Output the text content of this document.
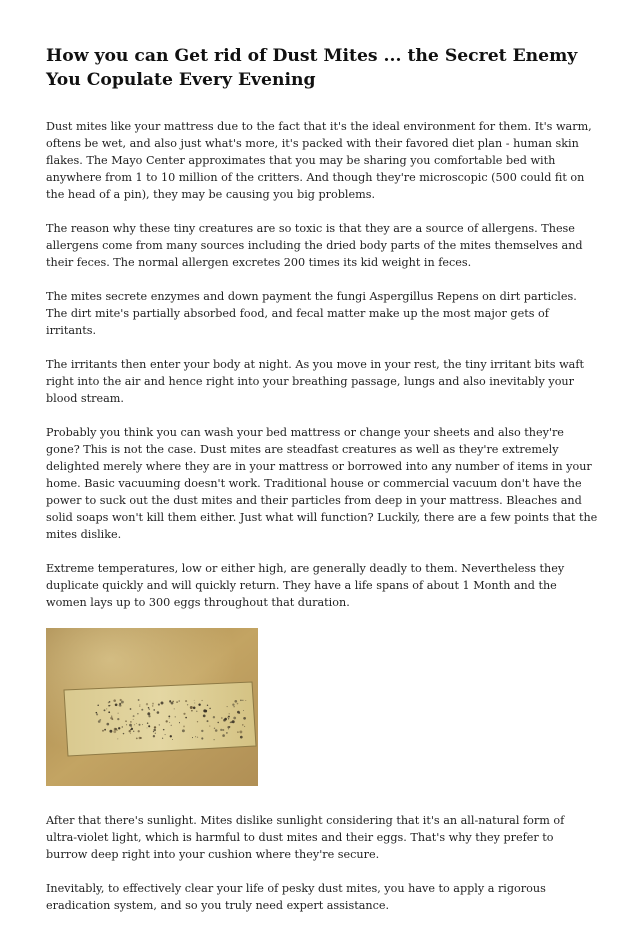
How you can Get rid of Dust Mites ... the Secret Enemy You Copulate Every Evening

Dust mites like your mattress due to the fact that it's the ideal environment for them. It's warm, oftens be wet, and also just what's more, it's packed with their favored diet plan - human skin flakes. The Mayo Center approximates that you may be sharing you comfortable bed with anywhere from 1 to 10 million of the critters. And though they're microscopic (500 could fit on the head of a pin), they may be causing you big problems.

The reason why these tiny creatures are so toxic is that they are a source of allergens. These allergens come from many sources including the dried body parts of the mites themselves and their feces. The normal allergen excretes 200 times its kid weight in feces.

The mites secrete enzymes and down payment the fungi Aspergillus Repens on dirt particles. The dirt mite's partially absorbed food, and fecal matter make up the most major gets of irritants.

The irritants then enter your body at night. As you move in your rest, the tiny irritant bits waft right into the air and hence right into your breathing passage, lungs and also inevitably your blood stream.

Probably you think you can wash your bed mattress or change your sheets and also they're gone? This is not the case. Dust mites are steadfast creatures as well as they're extremely delighted merely where they are in your mattress or borrowed into any number of items in your home. Basic vacuuming doesn't work. Traditional house or commercial vacuum don't have the power to suck out the dust mites and their particles from deep in your mattress. Bleaches and solid soaps won't kill them either. Just what will function? Luckily, there are a few points that the mites dislike.

Extreme temperatures, low or either high, are generally deadly to them. Nevertheless they duplicate quickly and will quickly return. They have a life spans of about 1 Month and the women lays up to 300 eggs throughout that duration.

After that there's sunlight. Mites dislike sunlight considering that it's an all-natural form of ultra-violet light, which is harmful to dust mites and their eggs. That's why they prefer to burrow deep right into your cushion where they're secure.

Inevitably, to effectively clear your life of pesky dust mites, you have to apply a rigorous eradication system, and so you truly need expert assistance.
